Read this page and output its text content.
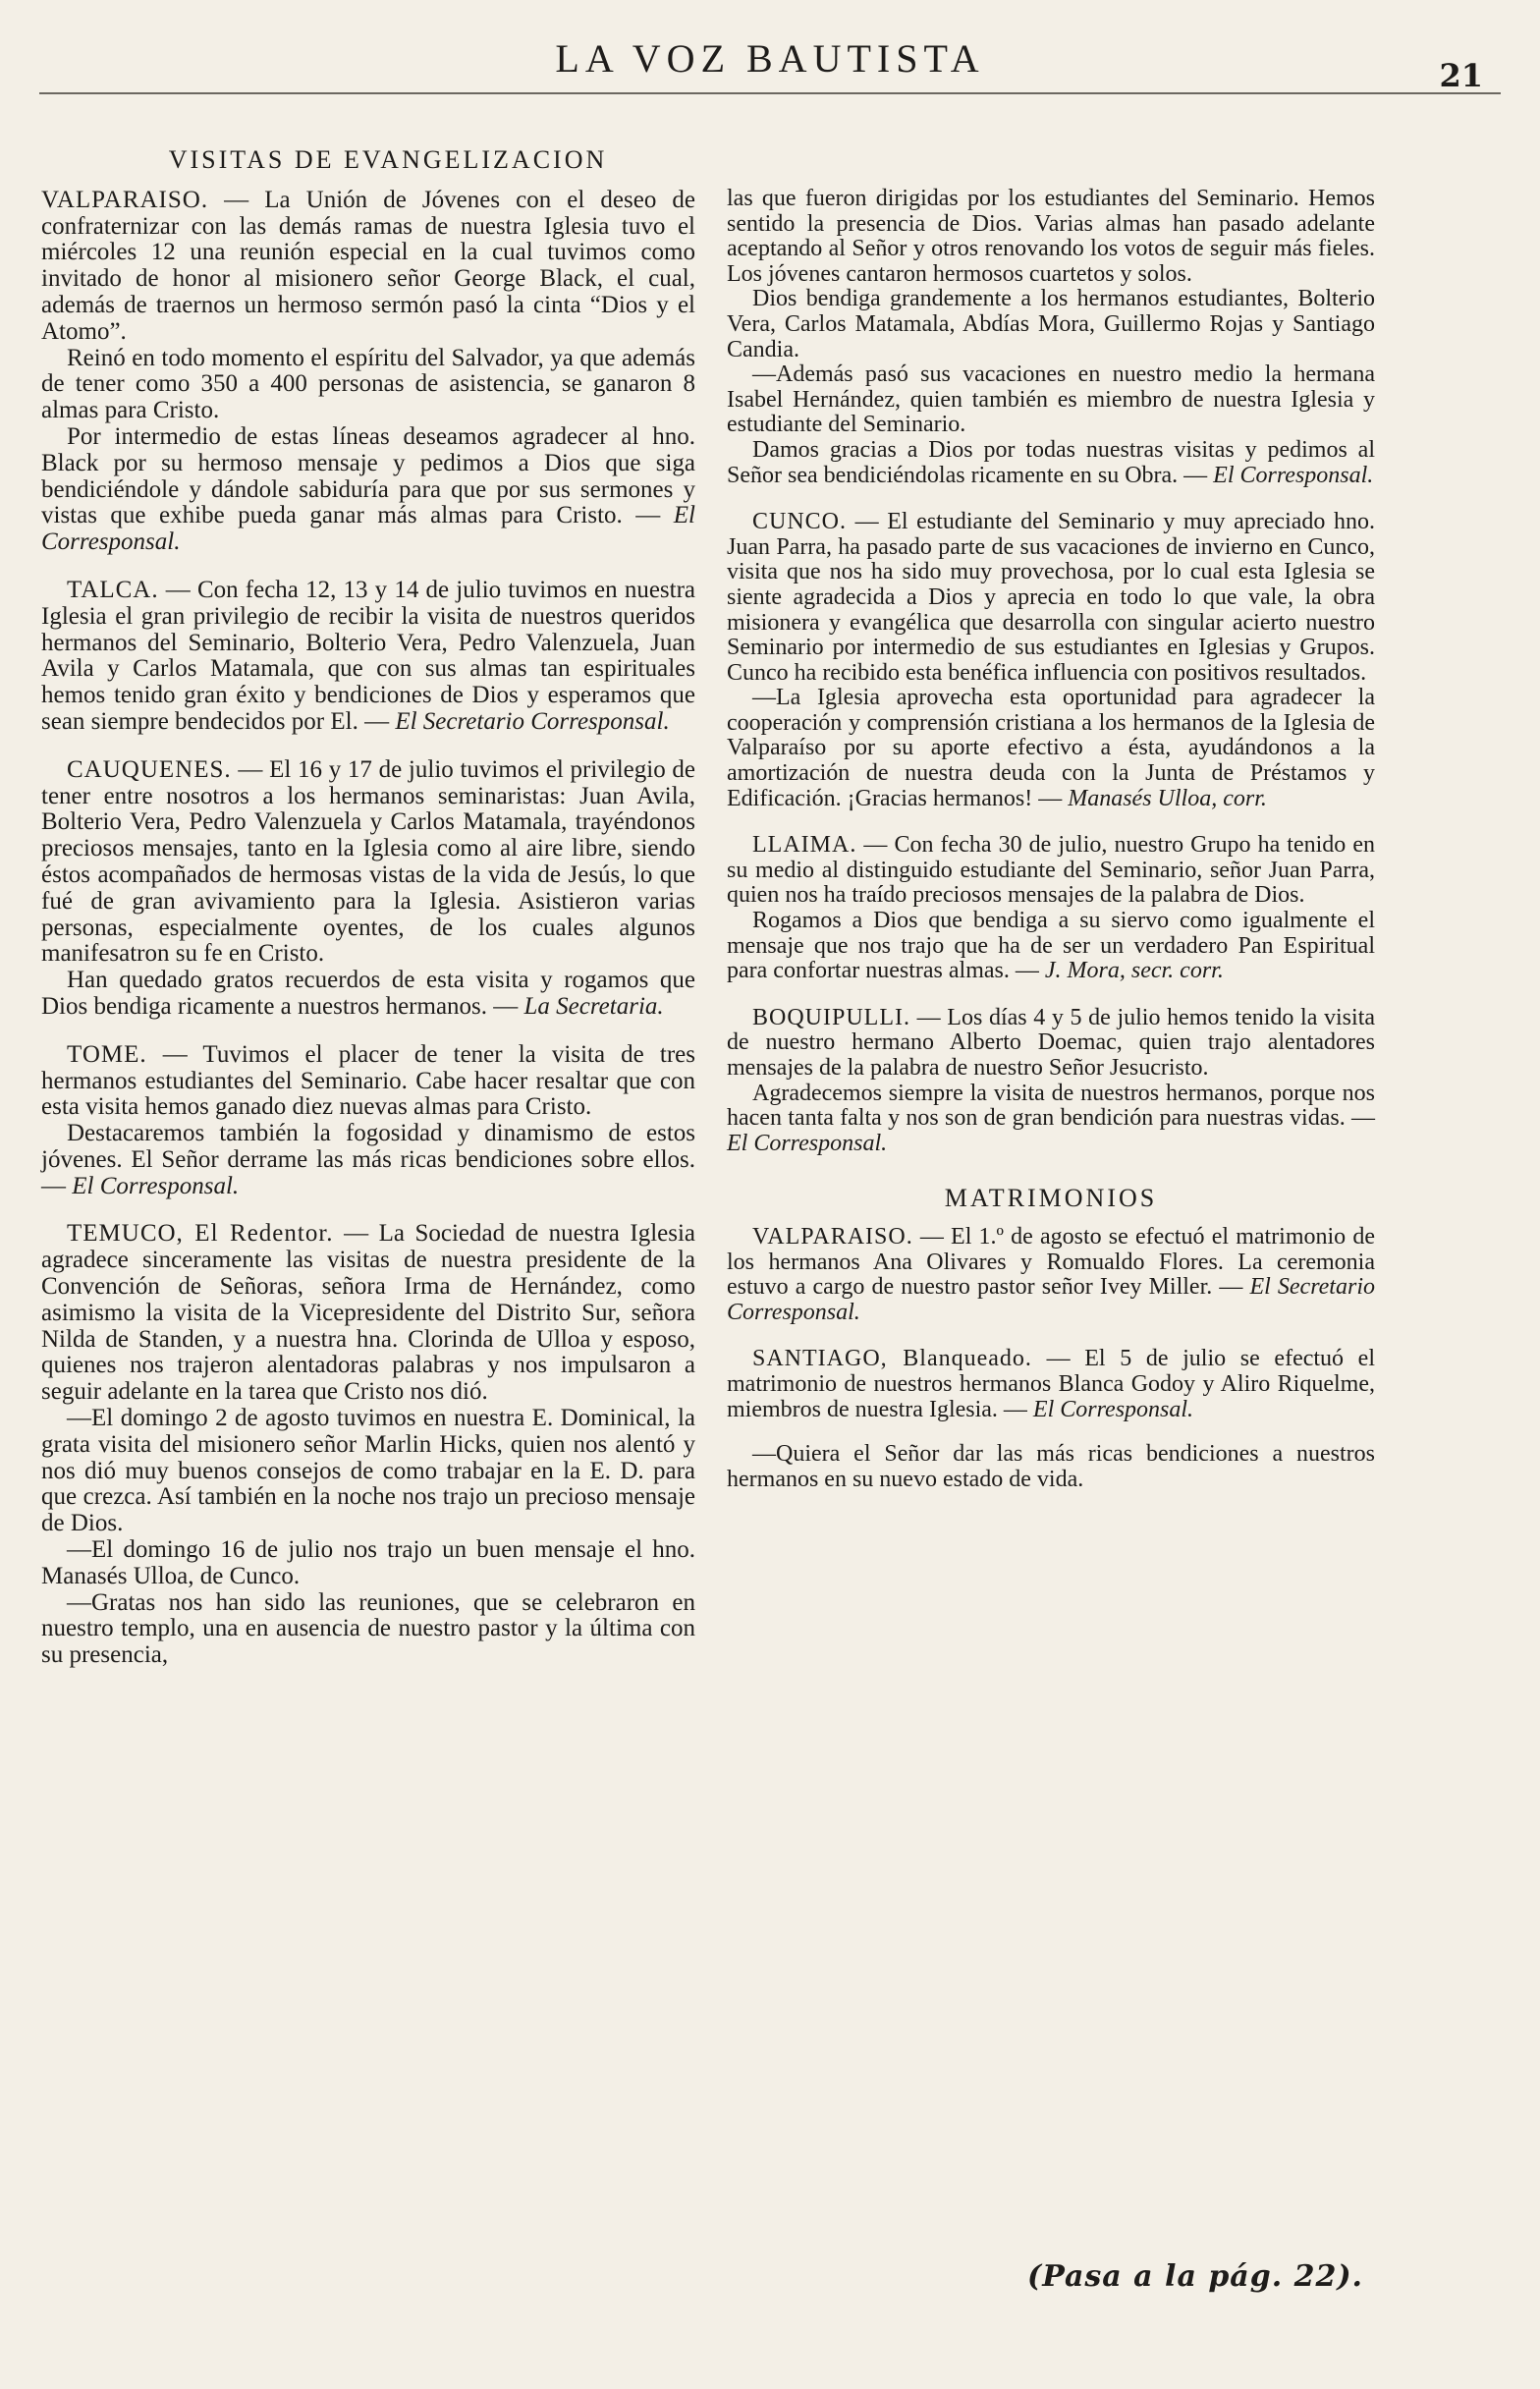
LA VOZ BAUTISTA	21
VISITAS DE EVANGELIZACION

VALPARAISO. — La Unión de Jóvenes con el deseo de confraternizar con las demás ramas de nuestra Iglesia tuvo el miércoles 12 una reunión especial en la cual tuvimos como invitado de honor al misionero señor George Black, el cual, además de traernos un hermoso sermón pasó la cinta “Dios y el Atomo”.

Reinó en todo momento el espíritu del Salvador, ya que además de tener como 350 a 400 personas de asistencia, se ganaron 8 almas para Cristo.

Por intermedio de estas líneas deseamos agradecer al hno. Black por su hermoso mensaje y pedimos a Dios que siga bendiciéndole y dándole sabiduría para que por sus sermones y vistas que exhibe pueda ganar más almas para Cristo. — El Corresponsal.

TALCA. — Con fecha 12, 13 y 14 de julio tuvimos en nuestra Iglesia el gran privilegio de recibir la visita de nuestros queridos hermanos del Seminario, Bolterio Vera, Pedro Valenzuela, Juan Avila y Carlos Matamala, que con sus almas tan espirituales hemos tenido gran éxito y bendiciones de Dios y esperamos que sean siempre bendecidos por El. — El Secretario Corresponsal.

CAUQUENES. — El 16 y 17 de julio tuvimos el privilegio de tener entre nosotros a los hermanos seminaristas: Juan Avila, Bolterio Vera, Pedro Valenzuela y Carlos Matamala, trayéndonos preciosos mensajes, tanto en la Iglesia como al aire libre, siendo éstos acompañados de hermosas vistas de la vida de Jesús, lo que fué de gran avivamiento para la Iglesia. Asistieron varias personas, especialmente oyentes, de los cuales algunos manifesatron su fe en Cristo.

Han quedado gratos recuerdos de esta visita y rogamos que Dios bendiga ricamente a nuestros hermanos. — La Secretaria.

TOME. — Tuvimos el placer de tener la visita de tres hermanos estudiantes del Seminario. Cabe hacer resaltar que con esta visita hemos ganado diez nuevas almas para Cristo.

Destacaremos también la fogosidad y dinamismo de estos jóvenes. El Señor derrame las más ricas bendiciones sobre ellos. — El Corresponsal.

TEMUCO, El Redentor. — La Sociedad de nuestra Iglesia agradece sinceramente las visitas de nuestra presidente de la Convención de Señoras, señora Irma de Hernández, como asimismo la visita de la Vicepresidente del Distrito Sur, señora Nilda de Standen, y a nuestra hna. Clorinda de Ulloa y esposo, quienes nos trajeron alentadoras palabras y nos impulsaron a seguir adelante en la tarea que Cristo nos dió.

—El domingo 2 de agosto tuvimos en nuestra E. Dominical, la grata visita del misionero señor Marlin Hicks, quien nos alentó y nos dió muy buenos consejos de como trabajar en la E. D. para que crezca. Así también en la noche nos trajo un precioso mensaje de Dios.

—El domingo 16 de julio nos trajo un buen mensaje el hno. Manasés Ulloa, de Cunco.

—Gratas nos han sido las reuniones, que se celebraron en nuestro templo, una en ausencia de nuestro pastor y la última con su presencia,

las que fueron dirigidas por los estudiantes del Seminario. Hemos sentido la presencia de Dios. Varias almas han pasado adelante aceptando al Señor y otros renovando los votos de seguir más fieles. Los jóvenes cantaron hermosos cuartetos y solos.

Dios bendiga grandemente a los hermanos estudiantes, Bolterio Vera, Carlos Matamala, Abdías Mora, Guillermo Rojas y Santiago Candia.

—Además pasó sus vacaciones en nuestro medio la hermana Isabel Hernández, quien también es miembro de nuestra Iglesia y estudiante del Seminario.

Damos gracias a Dios por todas nuestras visitas y pedimos al Señor sea bendiciéndolas ricamente en su Obra. — El Corresponsal.

CUNCO. — El estudiante del Seminario y muy apreciado hno. Juan Parra, ha pasado parte de sus vacaciones de invierno en Cunco, visita que nos ha sido muy provechosa, por lo cual esta Iglesia se siente agradecida a Dios y aprecia en todo lo que vale, la obra misionera y evangélica que desarrolla con singular acierto nuestro Seminario por intermedio de sus estudiantes en Iglesias y Grupos. Cunco ha recibido esta benéfica influencia con positivos resultados.

—La Iglesia aprovecha esta oportunidad para agradecer la cooperación y comprensión cristiana a los hermanos de la Iglesia de Valparaíso por su aporte efectivo a ésta, ayudándonos a la amortización de nuestra deuda con la Junta de Préstamos y Edificación. ¡Gracias hermanos! — Manasés Ulloa, corr.

LLAIMA. — Con fecha 30 de julio, nuestro Grupo ha tenido en su medio al distinguido estudiante del Seminario, señor Juan Parra, quien nos ha traído preciosos mensajes de la palabra de Dios.

Rogamos a Dios que bendiga a su siervo como igualmente el mensaje que nos trajo que ha de ser un verdadero Pan Espiritual para confortar nuestras almas. — J. Mora, secr. corr.

BOQUIPULLI. — Los días 4 y 5 de julio hemos tenido la visita de nuestro hermano Alberto Doemac, quien trajo alentadores mensajes de la palabra de nuestro Señor Jesucristo.

Agradecemos siempre la visita de nuestros hermanos, porque nos hacen tanta falta y nos son de gran bendición para nuestras vidas. — El Corresponsal.

MATRIMONIOS

VALPARAISO. — El 1.º de agosto se efectuó el matrimonio de los hermanos Ana Olivares y Romualdo Flores. La ceremonia estuvo a cargo de nuestro pastor señor Ivey Miller. — El Secretario Corresponsal.

SANTIAGO, Blanqueado. — El 5 de julio se efectuó el matrimonio de nuestros hermanos Blanca Godoy y Aliro Riquelme, miembros de nuestra Iglesia. — El Corresponsal.

—Quiera el Señor dar las más ricas bendiciones a nuestros hermanos en su nuevo estado de vida.

(Pasa a la pág. 22).
